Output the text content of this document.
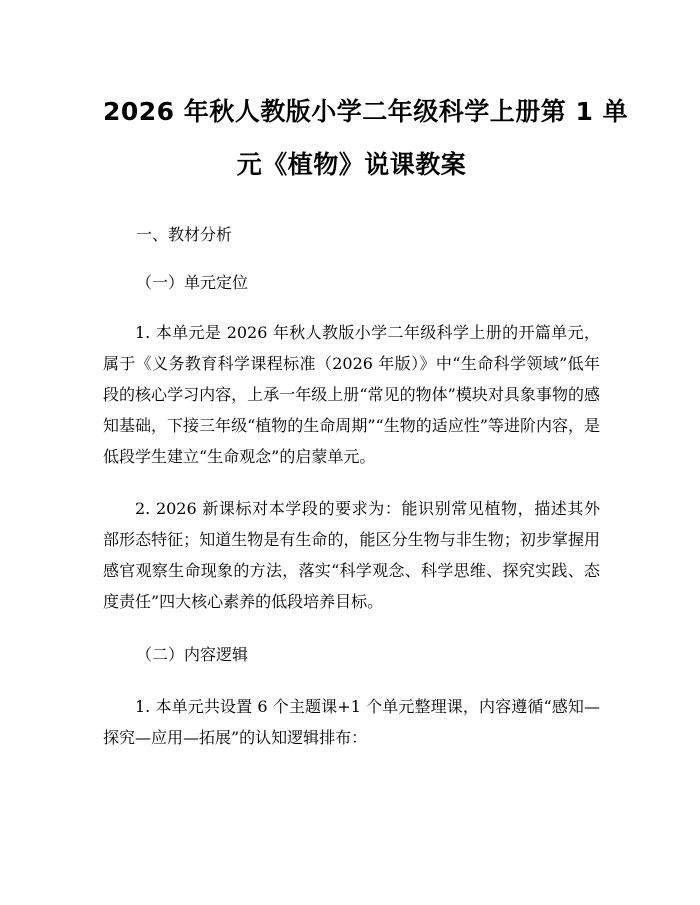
2026 年秋人教版小学二年级科学上册第 1 单
元《植物》说课教案

一、教材分析

（一）单元定位

1. 本单元是 2026 年秋人教版小学二年级科学上册的开篇单元，属于《义务教育科学课程标准（2026 年版）》中“生命科学领域”低年段的核心学习内容，上承一年级上册“常见的物体”模块对具象事物的感知基础，下接三年级“植物的生命周期”“生物的适应性”等进阶内容，是低段学生建立“生命观念”的启蒙单元。

2. 2026 新课标对本学段的要求为：能识别常见植物，描述其外部形态特征；知道生物是有生命的，能区分生物与非生物；初步掌握用感官观察生命现象的方法，落实“科学观念、科学思维、探究实践、态度责任”四大核心素养的低段培养目标。

（二）内容逻辑

1. 本单元共设置 6 个主题课+1 个单元整理课，内容遵循“感知—探究—应用—拓展”的认知逻辑排布：
